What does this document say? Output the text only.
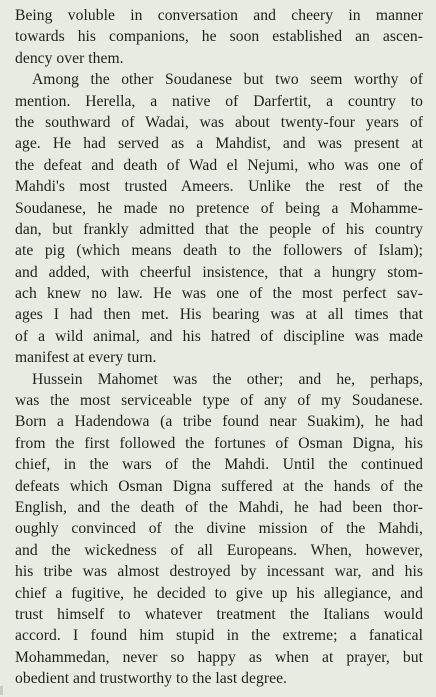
Being voluble in conversation and cheery in manner
towards his companions, he soon established an ascen-
dency over them.
Among the other Soudanese but two seem worthy of
mention. Herella, a native of Darfertit, a country to
the southward of Wadai, was about twenty-four years of
age. He had served as a Mahdist, and was present at
the defeat and death of Wad el Nejumi, who was one of
Mahdi's most trusted Ameers. Unlike the rest of the
Soudanese, he made no pretence of being a Mohamme-
dan, but frankly admitted that the people of his country
ate pig (which means death to the followers of Islam);
and added, with cheerful insistence, that a hungry stom-
ach knew no law. He was one of the most perfect sav-
ages I had then met. His bearing was at all times that
of a wild animal, and his hatred of discipline was made
manifest at every turn.
Hussein Mahomet was the other; and he, perhaps,
was the most serviceable type of any of my Soudanese.
Born a Hadendowa (a tribe found near Suakim), he had
from the first followed the fortunes of Osman Digna, his
chief, in the wars of the Mahdi. Until the continued
defeats which Osman Digna suffered at the hands of the
English, and the death of the Mahdi, he had been thor-
oughly convinced of the divine mission of the Mahdi,
and the wickedness of all Europeans. When, however,
his tribe was almost destroyed by incessant war, and his
chief a fugitive, he decided to give up his allegiance, and
trust himself to whatever treatment the Italians would
accord. I found him stupid in the extreme; a fanatical
Mohammedan, never so happy as when at prayer, but
obedient and trustworthy to the last degree.
